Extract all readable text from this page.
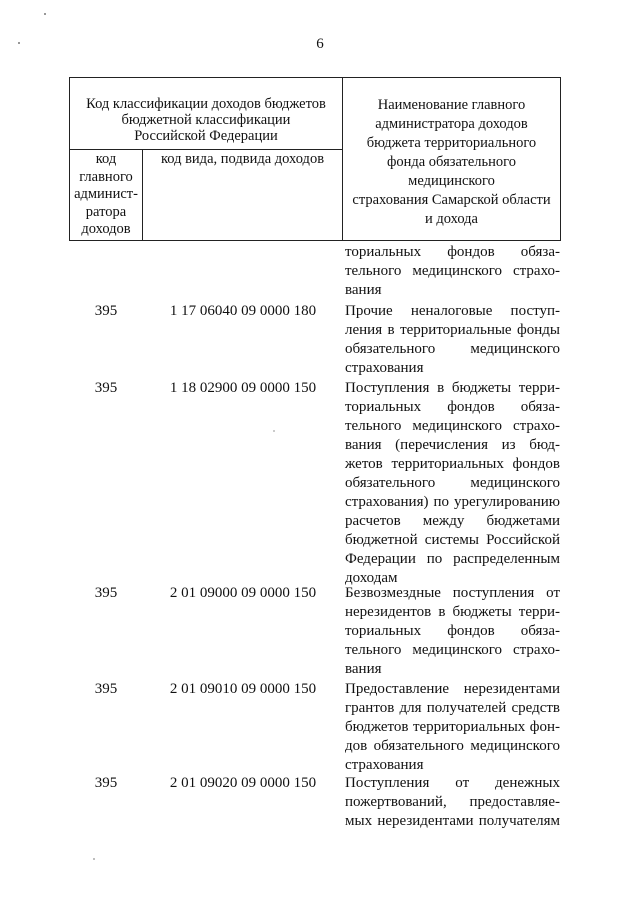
6
Код классификации доходов бюджетов
бюджетной классификации
Российской Федерации
код
главного
админист-
ратора
доходов
код вида, подвида доходов
Наименование главного
администратора доходов
бюджета территориального
фонда обязательного
медицинского
страхования Самарской области
и дохода
ториальных фондов обяза-
тельного медицинского страхо-
вания
395	1 17 06040 09 0000 180	Прочие неналоговые поступ-
ления в территориальные фонды
обязательного медицинского
страхования
395	1 18 02900 09 0000 150	Поступления в бюджеты терри-
ториальных фондов обяза-
тельного медицинского страхо-
вания (перечисления из бюд-
жетов территориальных фондов
обязательного медицинского
страхования) по урегулированию
расчетов между бюджетами
бюджетной системы Российской
Федерации по распределенным
доходам
395	2 01 09000 09 0000 150	Безвозмездные поступления от
нерезидентов в бюджеты терри-
ториальных фондов обяза-
тельного медицинского страхо-
вания
395	2 01 09010 09 0000 150	Предоставление нерезидентами
грантов для получателей средств
бюджетов территориальных фон-
дов обязательного медицинского
страхования
395	2 01 09020 09 0000 150	Поступления от денежных
пожертвований, предоставляе-
мых нерезидентами получателям
